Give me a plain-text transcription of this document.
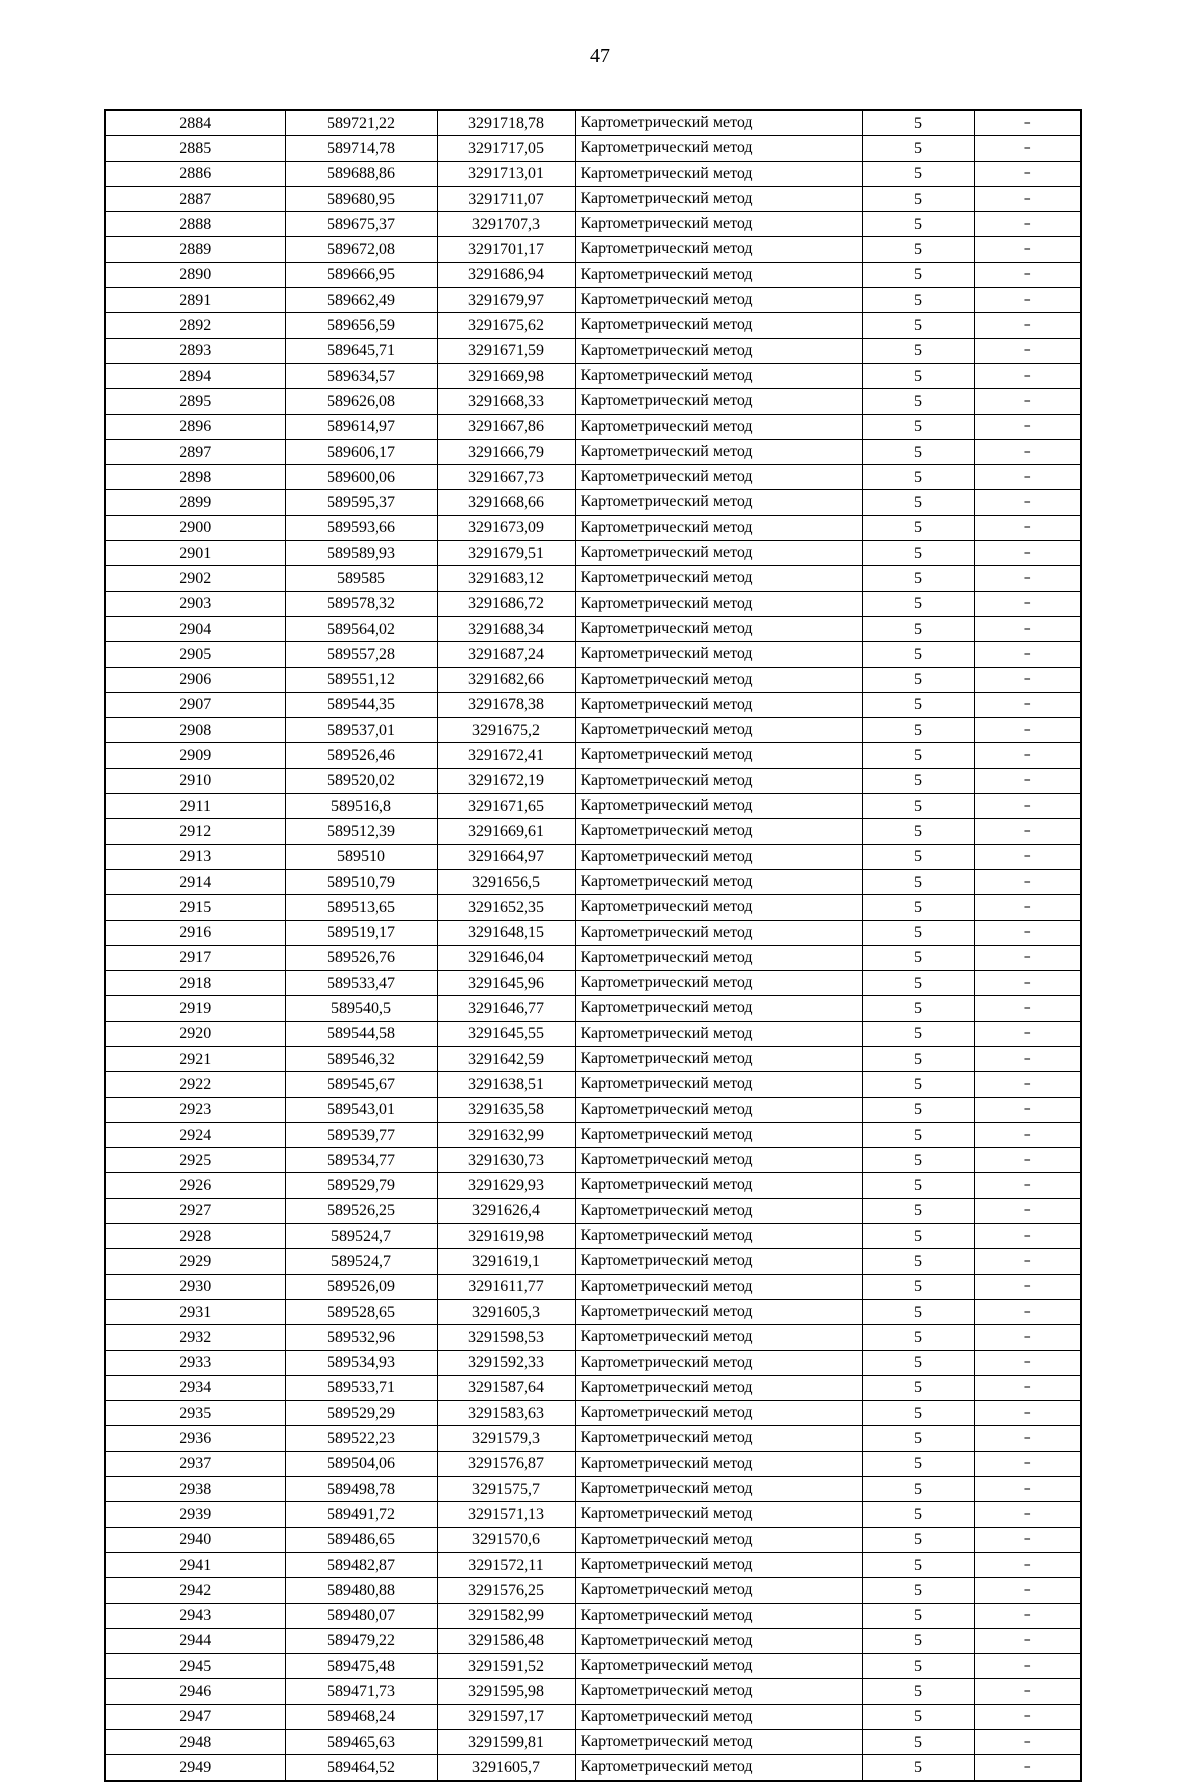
47
2884	589721,22	3291718,78	Картометрический метод	5	–
2885	589714,78	3291717,05	Картометрический метод	5	–
2886	589688,86	3291713,01	Картометрический метод	5	–
2887	589680,95	3291711,07	Картометрический метод	5	–
2888	589675,37	3291707,3	Картометрический метод	5	–
2889	589672,08	3291701,17	Картометрический метод	5	–
2890	589666,95	3291686,94	Картометрический метод	5	–
2891	589662,49	3291679,97	Картометрический метод	5	–
2892	589656,59	3291675,62	Картометрический метод	5	–
2893	589645,71	3291671,59	Картометрический метод	5	–
2894	589634,57	3291669,98	Картометрический метод	5	–
2895	589626,08	3291668,33	Картометрический метод	5	–
2896	589614,97	3291667,86	Картометрический метод	5	–
2897	589606,17	3291666,79	Картометрический метод	5	–
2898	589600,06	3291667,73	Картометрический метод	5	–
2899	589595,37	3291668,66	Картометрический метод	5	–
2900	589593,66	3291673,09	Картометрический метод	5	–
2901	589589,93	3291679,51	Картометрический метод	5	–
2902	589585	3291683,12	Картометрический метод	5	–
2903	589578,32	3291686,72	Картометрический метод	5	–
2904	589564,02	3291688,34	Картометрический метод	5	–
2905	589557,28	3291687,24	Картометрический метод	5	–
2906	589551,12	3291682,66	Картометрический метод	5	–
2907	589544,35	3291678,38	Картометрический метод	5	–
2908	589537,01	3291675,2	Картометрический метод	5	–
2909	589526,46	3291672,41	Картометрический метод	5	–
2910	589520,02	3291672,19	Картометрический метод	5	–
2911	589516,8	3291671,65	Картометрический метод	5	–
2912	589512,39	3291669,61	Картометрический метод	5	–
2913	589510	3291664,97	Картометрический метод	5	–
2914	589510,79	3291656,5	Картометрический метод	5	–
2915	589513,65	3291652,35	Картометрический метод	5	–
2916	589519,17	3291648,15	Картометрический метод	5	–
2917	589526,76	3291646,04	Картометрический метод	5	–
2918	589533,47	3291645,96	Картометрический метод	5	–
2919	589540,5	3291646,77	Картометрический метод	5	–
2920	589544,58	3291645,55	Картометрический метод	5	–
2921	589546,32	3291642,59	Картометрический метод	5	–
2922	589545,67	3291638,51	Картометрический метод	5	–
2923	589543,01	3291635,58	Картометрический метод	5	–
2924	589539,77	3291632,99	Картометрический метод	5	–
2925	589534,77	3291630,73	Картометрический метод	5	–
2926	589529,79	3291629,93	Картометрический метод	5	–
2927	589526,25	3291626,4	Картометрический метод	5	–
2928	589524,7	3291619,98	Картометрический метод	5	–
2929	589524,7	3291619,1	Картометрический метод	5	–
2930	589526,09	3291611,77	Картометрический метод	5	–
2931	589528,65	3291605,3	Картометрический метод	5	–
2932	589532,96	3291598,53	Картометрический метод	5	–
2933	589534,93	3291592,33	Картометрический метод	5	–
2934	589533,71	3291587,64	Картометрический метод	5	–
2935	589529,29	3291583,63	Картометрический метод	5	–
2936	589522,23	3291579,3	Картометрический метод	5	–
2937	589504,06	3291576,87	Картометрический метод	5	–
2938	589498,78	3291575,7	Картометрический метод	5	–
2939	589491,72	3291571,13	Картометрический метод	5	–
2940	589486,65	3291570,6	Картометрический метод	5	–
2941	589482,87	3291572,11	Картометрический метод	5	–
2942	589480,88	3291576,25	Картометрический метод	5	–
2943	589480,07	3291582,99	Картометрический метод	5	–
2944	589479,22	3291586,48	Картометрический метод	5	–
2945	589475,48	3291591,52	Картометрический метод	5	–
2946	589471,73	3291595,98	Картометрический метод	5	–
2947	589468,24	3291597,17	Картометрический метод	5	–
2948	589465,63	3291599,81	Картометрический метод	5	–
2949	589464,52	3291605,7	Картометрический метод	5	–
